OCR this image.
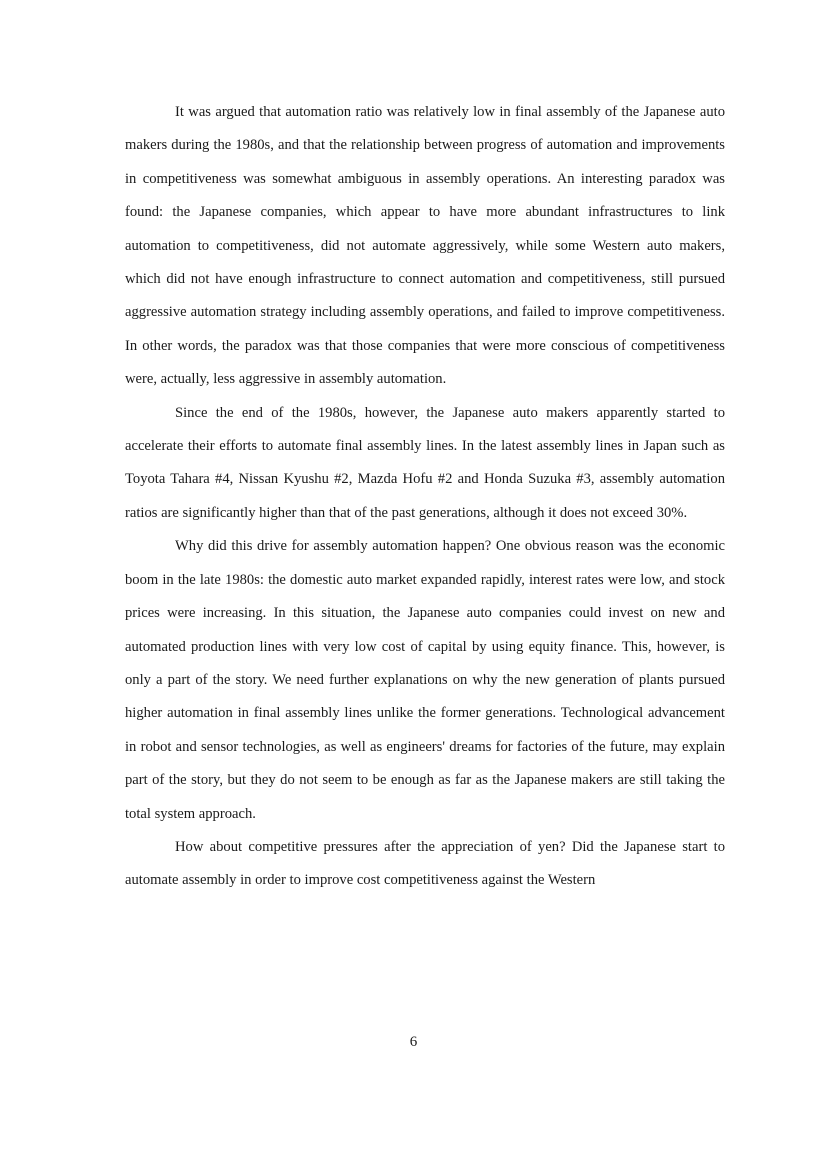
It was argued that automation ratio was relatively low in final assembly of the Japanese auto makers during the 1980s, and that the relationship between progress of automation and improvements in competitiveness was somewhat ambiguous in assembly operations. An interesting paradox was found: the Japanese companies, which appear to have more abundant infrastructures to link automation to competitiveness, did not automate aggressively, while some Western auto makers, which did not have enough infrastructure to connect automation and competitiveness, still pursued aggressive automation strategy including assembly operations, and failed to improve competitiveness. In other words, the paradox was that those companies that were more conscious of competitiveness were, actually, less aggressive in assembly automation.

Since the end of the 1980s, however, the Japanese auto makers apparently started to accelerate their efforts to automate final assembly lines. In the latest assembly lines in Japan such as Toyota Tahara #4, Nissan Kyushu #2, Mazda Hofu #2 and Honda Suzuka #3, assembly automation ratios are significantly higher than that of the past generations, although it does not exceed 30%.

Why did this drive for assembly automation happen? One obvious reason was the economic boom in the late 1980s: the domestic auto market expanded rapidly, interest rates were low, and stock prices were increasing. In this situation, the Japanese auto companies could invest on new and automated production lines with very low cost of capital by using equity finance. This, however, is only a part of the story. We need further explanations on why the new generation of plants pursued higher automation in final assembly lines unlike the former generations. Technological advancement in robot and sensor technologies, as well as engineers' dreams for factories of the future, may explain part of the story, but they do not seem to be enough as far as the Japanese makers are still taking the total system approach.

How about competitive pressures after the appreciation of yen? Did the Japanese start to automate assembly in order to improve cost competitiveness against the Western

6
